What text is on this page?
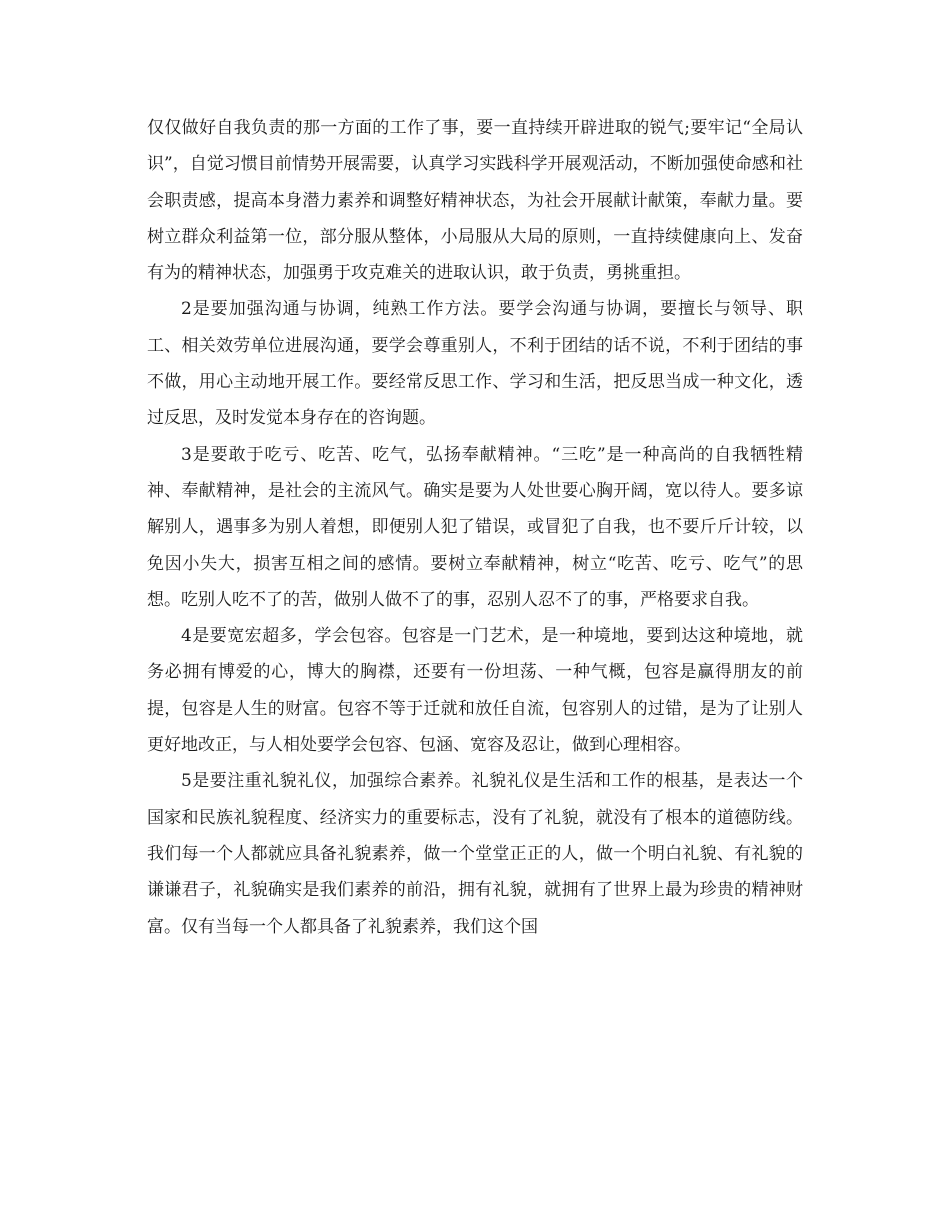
仅仅做好自我负责的那一方面的工作了事，要一直持续开辟进取的锐气;要牢记“全局认识”，自觉习惯目前情势开展需要，认真学习实践科学开展观活动，不断加强使命感和社会职责感，提高本身潜力素养和调整好精神状态，为社会开展献计献策，奉献力量。要树立群众利益第一位，部分服从整体，小局服从大局的原则，一直持续健康向上、发奋有为的精神状态，加强勇于攻克难关的进取认识，敢于负责，勇挑重担。

2是要加强沟通与协调，纯熟工作方法。要学会沟通与协调，要擅长与领导、职工、相关效劳单位进展沟通，要学会尊重别人，不利于团结的话不说，不利于团结的事不做，用心主动地开展工作。要经常反思工作、学习和生活，把反思当成一种文化，透过反思，及时发觉本身存在的咨询题。

3是要敢于吃亏、吃苦、吃气，弘扬奉献精神。“三吃”是一种高尚的自我牺牲精神、奉献精神，是社会的主流风气。确实是要为人处世要心胸开阔，宽以待人。要多谅解别人，遇事多为别人着想，即便别人犯了错误，或冒犯了自我，也不要斤斤计较，以免因小失大，损害互相之间的感情。要树立奉献精神，树立“吃苦、吃亏、吃气”的思想。吃别人吃不了的苦，做别人做不了的事，忍别人忍不了的事，严格要求自我。

4是要宽宏超多，学会包容。包容是一门艺术，是一种境地，要到达这种境地，就务必拥有博爱的心，博大的胸襟，还要有一份坦荡、一种气概，包容是赢得朋友的前提，包容是人生的财富。包容不等于迁就和放任自流，包容别人的过错，是为了让别人更好地改正，与人相处要学会包容、包涵、宽容及忍让，做到心理相容。

5是要注重礼貌礼仪，加强综合素养。礼貌礼仪是生活和工作的根基，是表达一个国家和民族礼貌程度、经济实力的重要标志，没有了礼貌，就没有了根本的道德防线。我们每一个人都就应具备礼貌素养，做一个堂堂正正的人，做一个明白礼貌、有礼貌的谦谦君子，礼貌确实是我们素养的前沿，拥有礼貌，就拥有了世界上最为珍贵的精神财富。仅有当每一个人都具备了礼貌素养，我们这个国
